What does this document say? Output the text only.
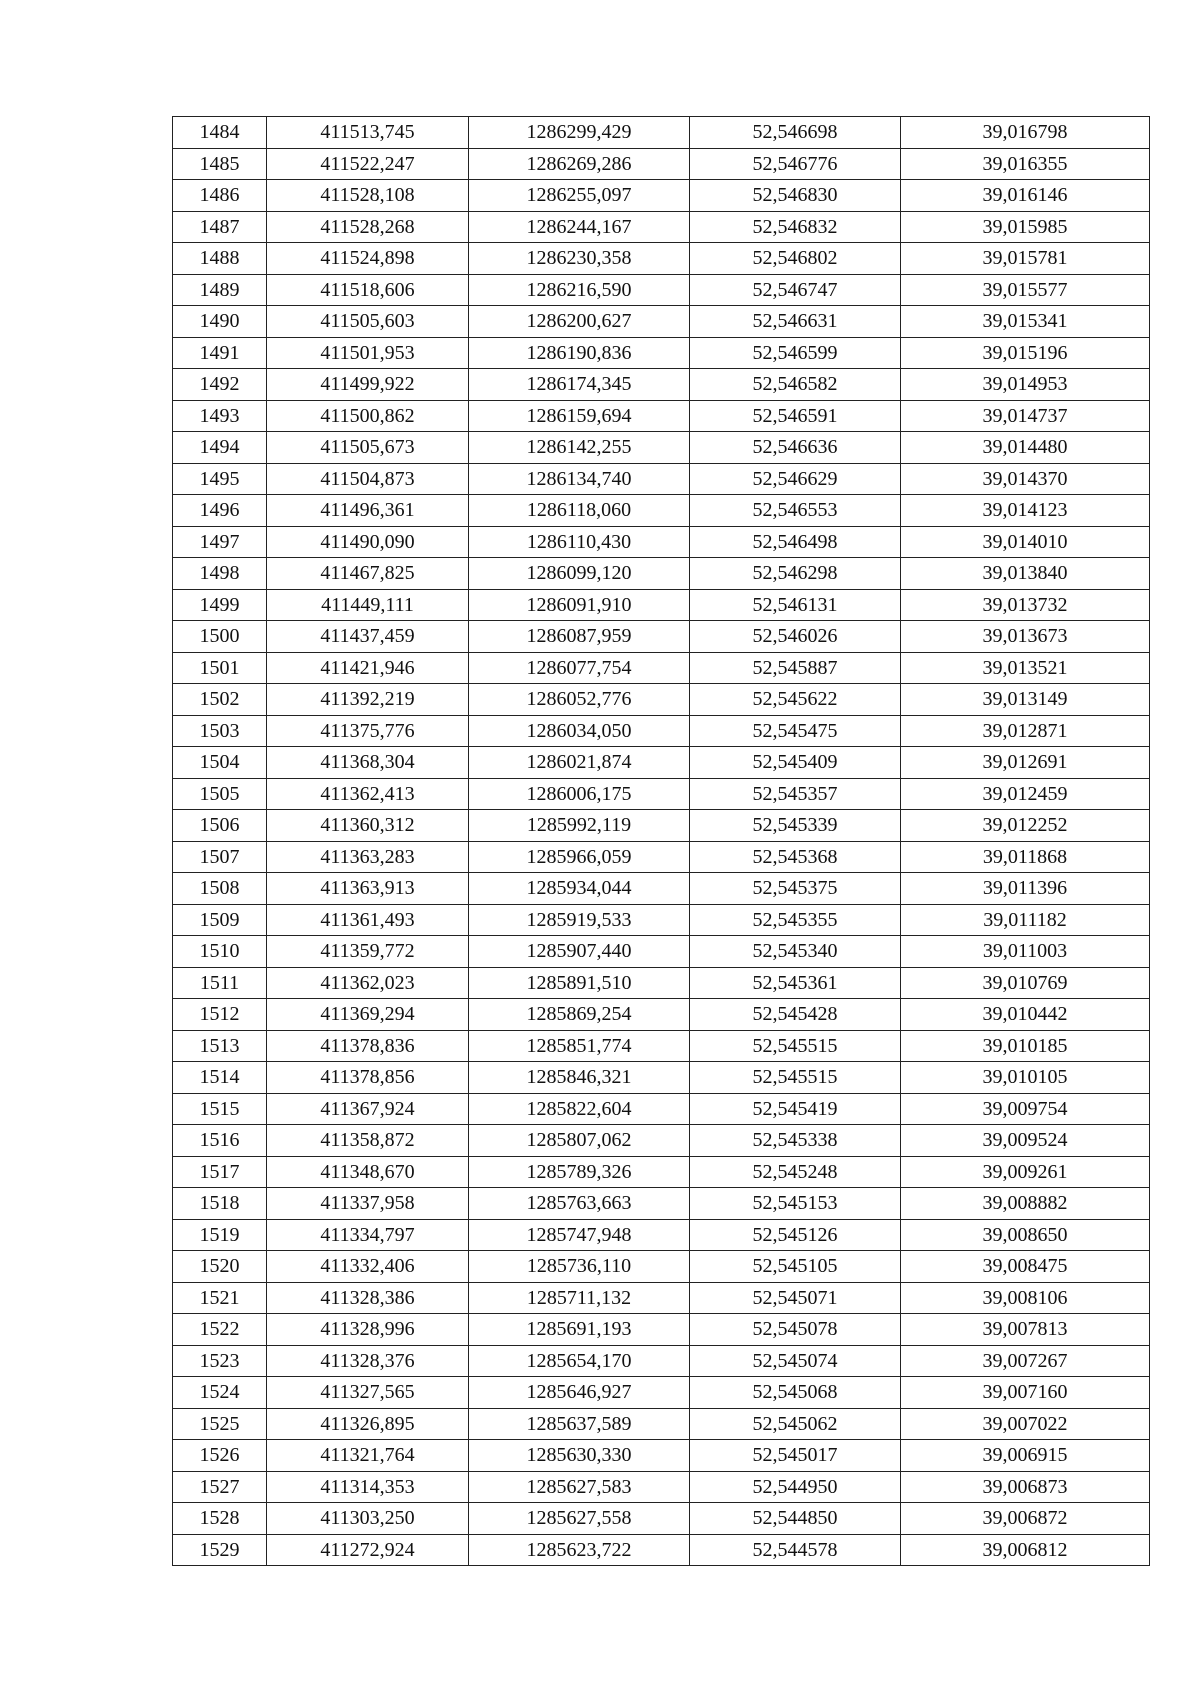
1484	411513,745	1286299,429	52,546698	39,016798
1485	411522,247	1286269,286	52,546776	39,016355
1486	411528,108	1286255,097	52,546830	39,016146
1487	411528,268	1286244,167	52,546832	39,015985
1488	411524,898	1286230,358	52,546802	39,015781
1489	411518,606	1286216,590	52,546747	39,015577
1490	411505,603	1286200,627	52,546631	39,015341
1491	411501,953	1286190,836	52,546599	39,015196
1492	411499,922	1286174,345	52,546582	39,014953
1493	411500,862	1286159,694	52,546591	39,014737
1494	411505,673	1286142,255	52,546636	39,014480
1495	411504,873	1286134,740	52,546629	39,014370
1496	411496,361	1286118,060	52,546553	39,014123
1497	411490,090	1286110,430	52,546498	39,014010
1498	411467,825	1286099,120	52,546298	39,013840
1499	411449,111	1286091,910	52,546131	39,013732
1500	411437,459	1286087,959	52,546026	39,013673
1501	411421,946	1286077,754	52,545887	39,013521
1502	411392,219	1286052,776	52,545622	39,013149
1503	411375,776	1286034,050	52,545475	39,012871
1504	411368,304	1286021,874	52,545409	39,012691
1505	411362,413	1286006,175	52,545357	39,012459
1506	411360,312	1285992,119	52,545339	39,012252
1507	411363,283	1285966,059	52,545368	39,011868
1508	411363,913	1285934,044	52,545375	39,011396
1509	411361,493	1285919,533	52,545355	39,011182
1510	411359,772	1285907,440	52,545340	39,011003
1511	411362,023	1285891,510	52,545361	39,010769
1512	411369,294	1285869,254	52,545428	39,010442
1513	411378,836	1285851,774	52,545515	39,010185
1514	411378,856	1285846,321	52,545515	39,010105
1515	411367,924	1285822,604	52,545419	39,009754
1516	411358,872	1285807,062	52,545338	39,009524
1517	411348,670	1285789,326	52,545248	39,009261
1518	411337,958	1285763,663	52,545153	39,008882
1519	411334,797	1285747,948	52,545126	39,008650
1520	411332,406	1285736,110	52,545105	39,008475
1521	411328,386	1285711,132	52,545071	39,008106
1522	411328,996	1285691,193	52,545078	39,007813
1523	411328,376	1285654,170	52,545074	39,007267
1524	411327,565	1285646,927	52,545068	39,007160
1525	411326,895	1285637,589	52,545062	39,007022
1526	411321,764	1285630,330	52,545017	39,006915
1527	411314,353	1285627,583	52,544950	39,006873
1528	411303,250	1285627,558	52,544850	39,006872
1529	411272,924	1285623,722	52,544578	39,006812
